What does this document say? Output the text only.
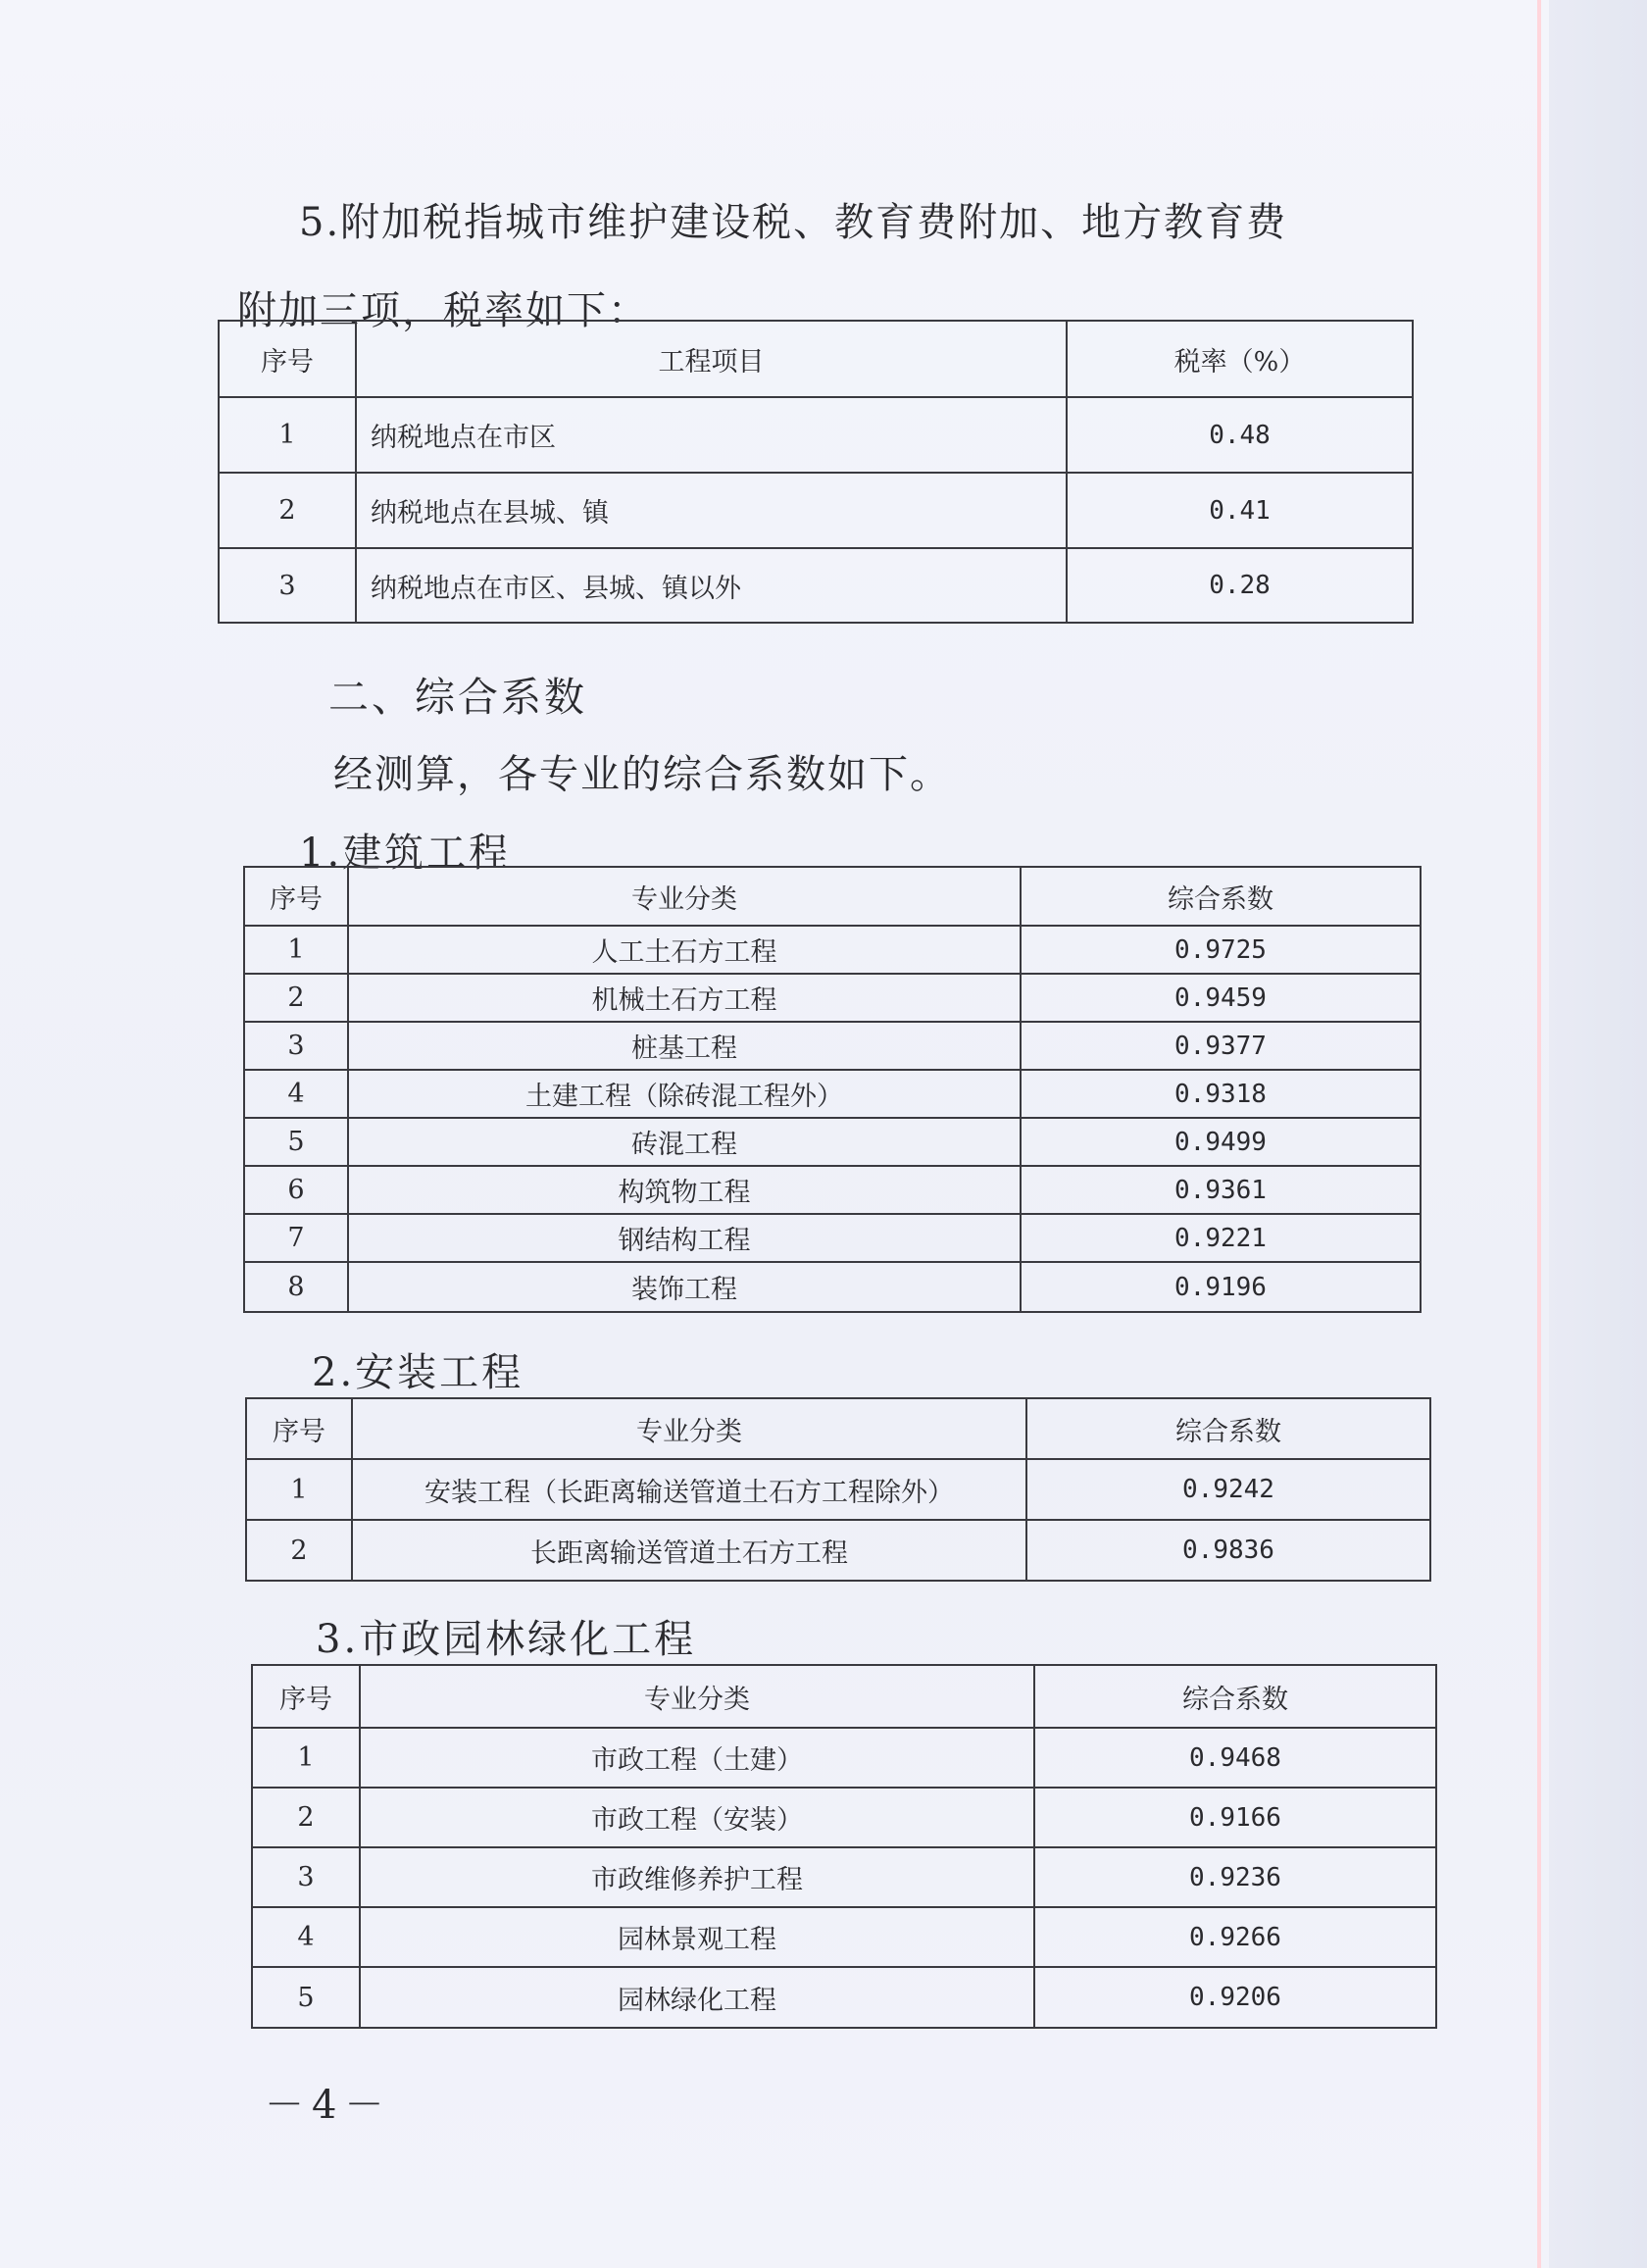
5.附加税指城市维护建设税、教育费附加、地方教育费
附加三项，税率如下：
序号	工程项目	税率（%）
1	纳税地点在市区	0.48
2	纳税地点在县城、镇	0.41
3	纳税地点在市区、县城、镇以外	0.28
二、综合系数
经测算，各专业的综合系数如下。
1.建筑工程
序号	专业分类	综合系数
1	人工土石方工程	0.9725
2	机械土石方工程	0.9459
3	桩基工程	0.9377
4	土建工程（除砖混工程外）	0.9318
5	砖混工程	0.9499
6	构筑物工程	0.9361
7	钢结构工程	0.9221
8	装饰工程	0.9196
2.安装工程
序号	专业分类	综合系数
1	安装工程（长距离输送管道土石方工程除外）	0.9242
2	长距离输送管道土石方工程	0.9836
3.市政园林绿化工程
序号	专业分类	综合系数
1	市政工程（土建）	0.9468
2	市政工程（安装）	0.9166
3	市政维修养护工程	0.9236
4	园林景观工程	0.9266
5	园林绿化工程	0.9206
－4－
